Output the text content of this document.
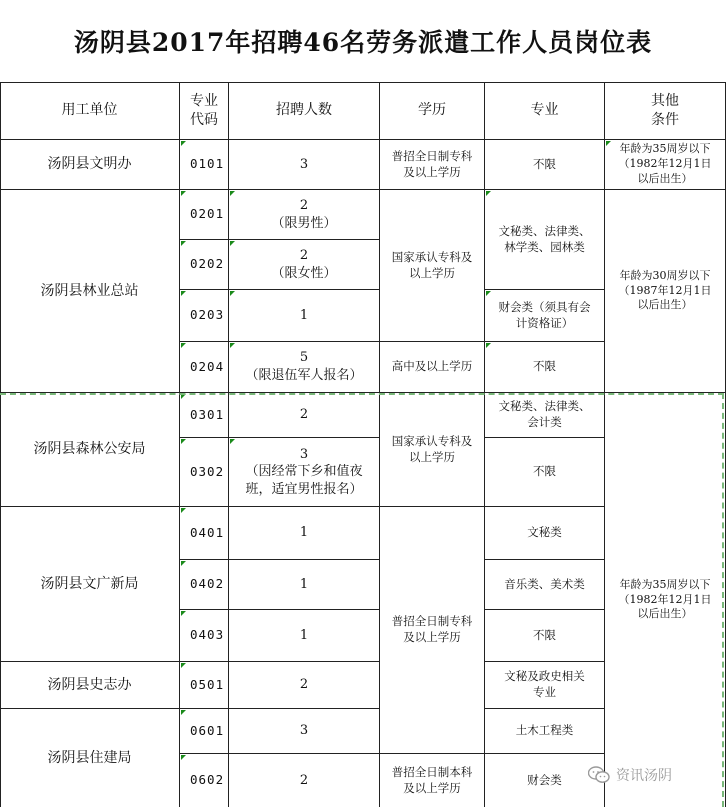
汤阴县2017年招聘46名劳务派遣工作人员岗位表
用工单位
专业
代码
招聘人数	学历	专业
其他
条件
汤阴县文明办
汤阴县林业总站
汤阴县森林公安局
汤阴县文广新局
汤阴县史志办
汤阴县住建局
0101
0201
0202
0203
0204
0301
0302
0401
0402
0403
0501
0601
0602
3
2
（限男性）
2
（限女性）
1
5
（限退伍军人报名）
2
3
（因经常下乡和值夜班，适宜男性报名）
1
1
1
2
3
2
普招全日制专科
及以上学历
国家承认专科及
以上学历
高中及以上学历
国家承认专科及
以上学历
普招全日制专科
及以上学历
普招全日制本科
及以上学历
不限
文秘类、法律类、
林学类、园林类
财会类（须具有会
计资格证）
不限
文秘类、法律类、
会计类
不限
文秘类
音乐类、美术类
不限
文秘及政史相关
专业
土木工程类
财会类
年龄为35周岁以下
（1982年12月1日
以后出生）
年龄为30周岁以下
（1987年12月1日
以后出生）
年龄为35周岁以下
（1982年12月1日
以后出生）
资讯汤阴
